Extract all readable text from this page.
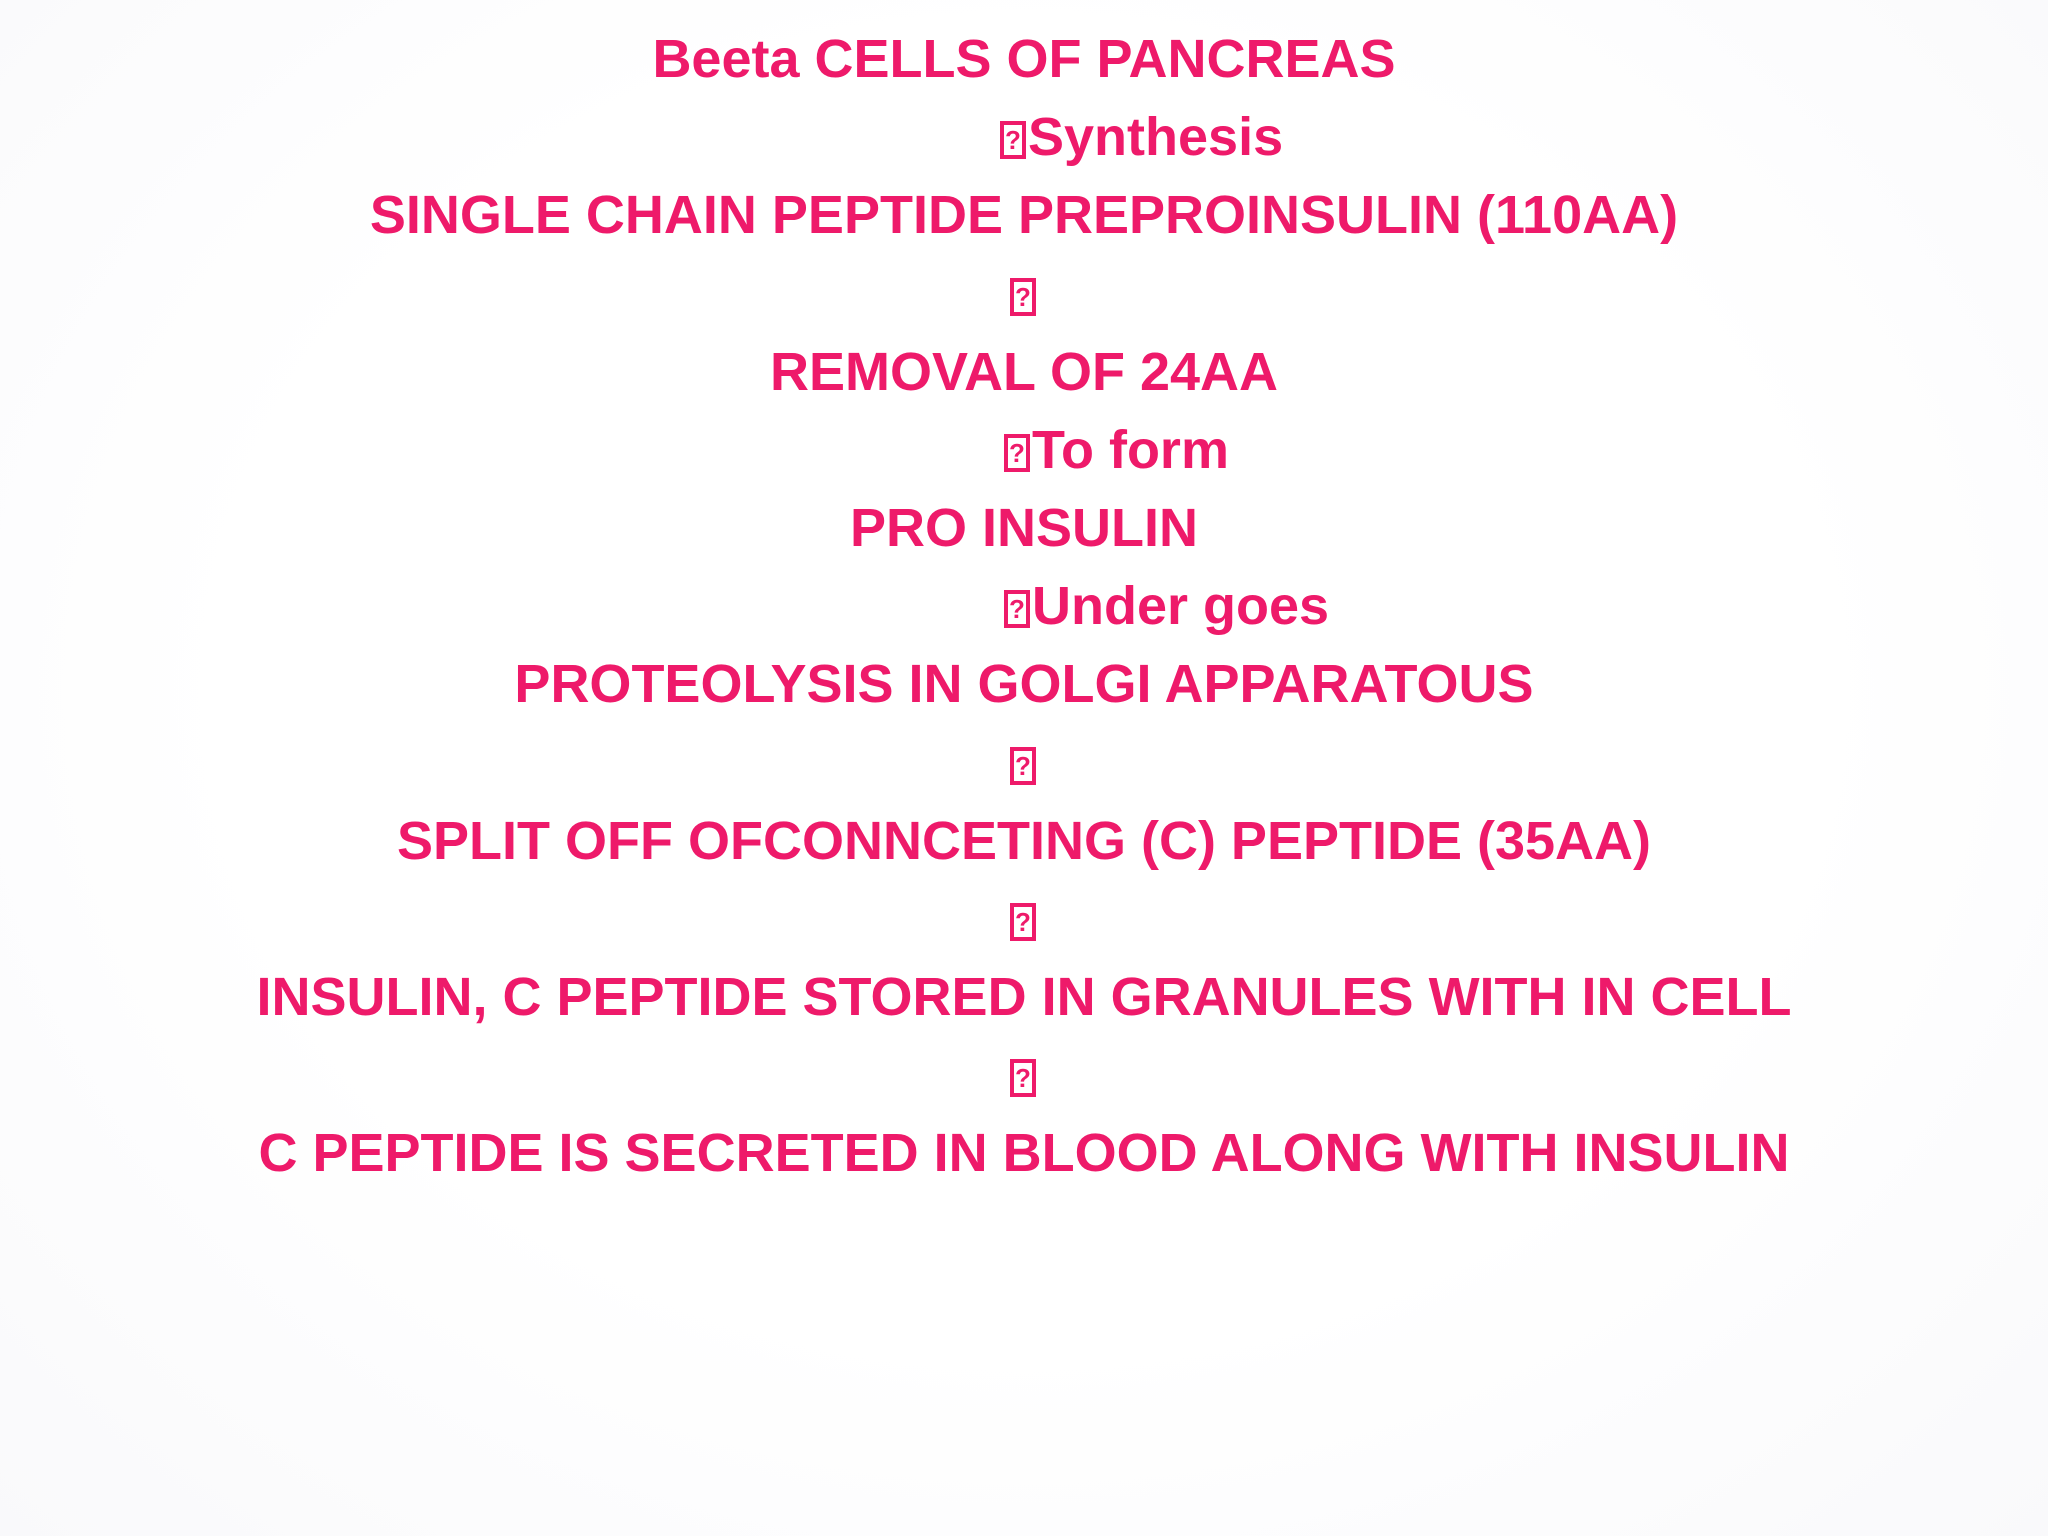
Beeta CELLS OF PANCREAS
?Synthesis
SINGLE CHAIN PEPTIDE PREPROINSULIN (110AA)
?
REMOVAL OF 24AA
?To form
PRO INSULIN
?Under goes
PROTEOLYSIS IN GOLGI APPARATOUS
?
SPLIT OFF OFCONNCETING (C) PEPTIDE (35AA)
?
INSULIN, C PEPTIDE STORED IN GRANULES WITH IN CELL
?
C PEPTIDE IS SECRETED IN BLOOD ALONG WITH INSULIN
